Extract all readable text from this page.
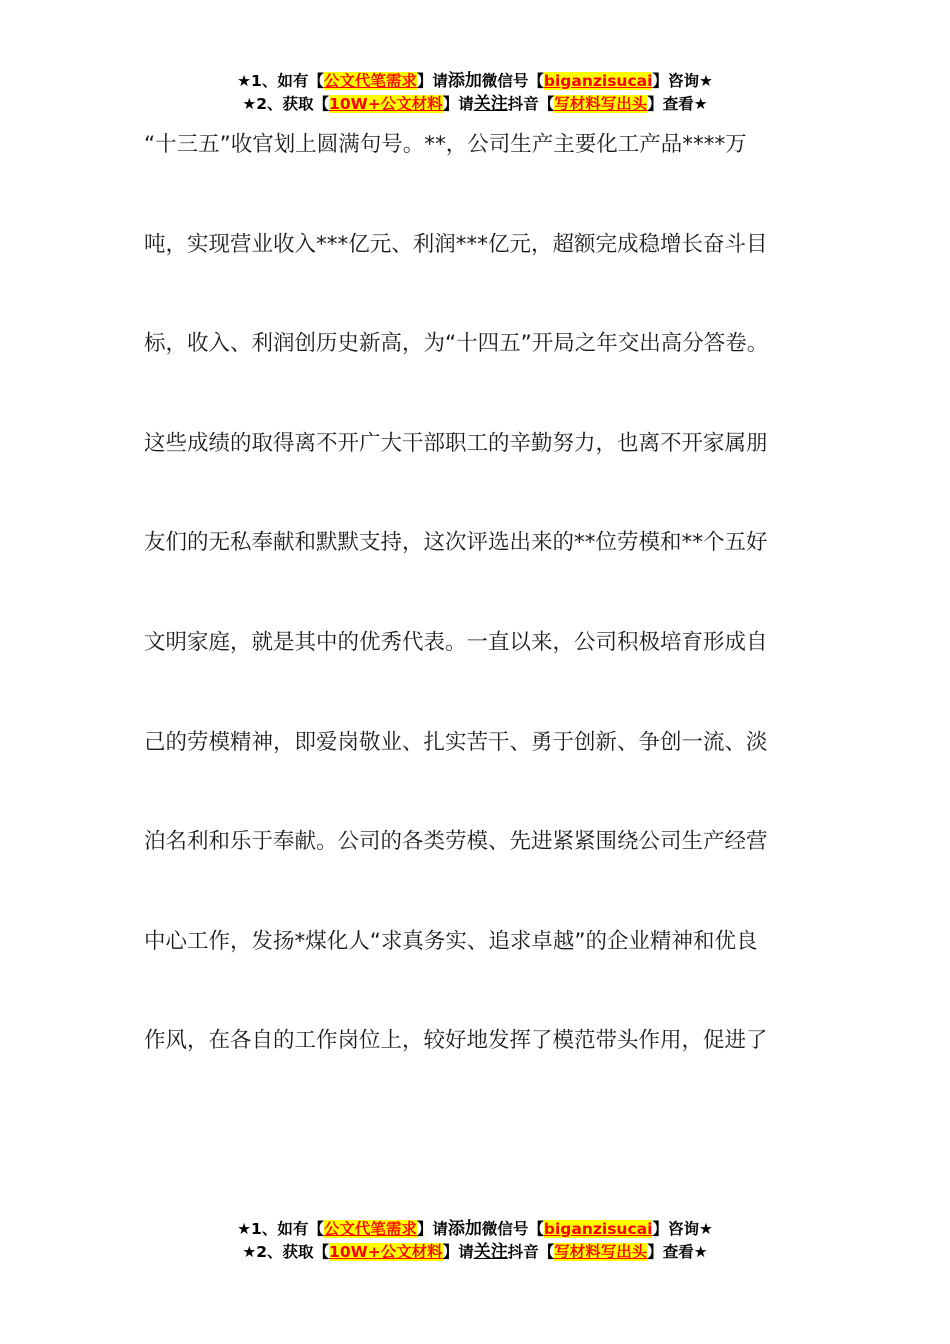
★1、如有【公文代笔需求】请添加微信号【biganzisucai】咨询★
★2、获取【10W+公文材料】请关注抖音【写材料写出头】查看★
“十三五”收官划上圆满句号。**，公司生产主要化工产品****万
吨，实现营业收入***亿元、利润***亿元，超额完成稳增长奋斗目
标，收入、利润创历史新高，为“十四五”开局之年交出高分答卷。
这些成绩的取得离不开广大干部职工的辛勤努力，也离不开家属朋
友们的无私奉献和默默支持，这次评选出来的**位劳模和**个五好
文明家庭，就是其中的优秀代表。一直以来，公司积极培育形成自
己的劳模精神，即爱岗敬业、扎实苦干、勇于创新、争创一流、淡
泊名利和乐于奉献。公司的各类劳模、先进紧紧围绕公司生产经营
中心工作，发扬*煤化人“求真务实、追求卓越”的企业精神和优良
作风，在各自的工作岗位上，较好地发挥了模范带头作用，促进了
★1、如有【公文代笔需求】请添加微信号【biganzisucai】咨询★
★2、获取【10W+公文材料】请关注抖音【写材料写出头】查看★
